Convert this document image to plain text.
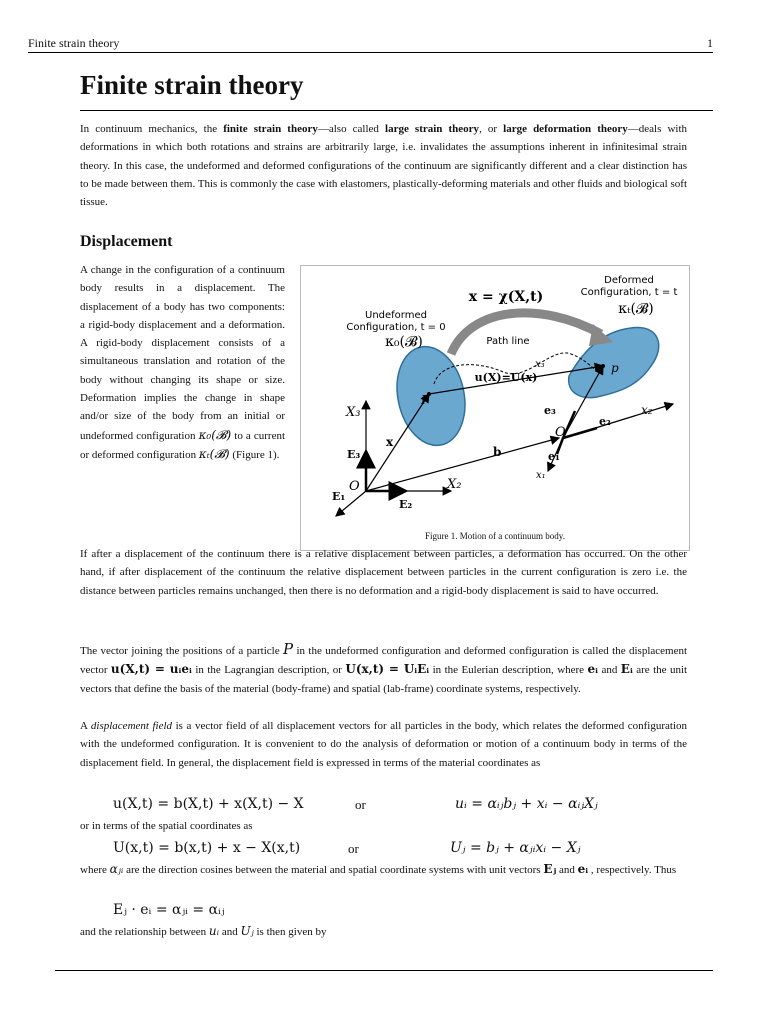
Finite strain theory	1
Finite strain theory

In continuum mechanics, the finite strain theory—also called large strain theory, or large deformation theory—deals with deformations in which both rotations and strains are arbitrarily large, i.e. invalidates the assumptions inherent in infinitesimal strain theory. In this case, the undeformed and deformed configurations of the continuum are significantly different and a clear distinction has to be made between them. This is commonly the case with elastomers, plastically-deforming materials and other fluids and biological soft tissue.

Displacement

A change in the configuration of a continuum body results in a displacement. The displacement of a body has two components: a rigid-body displacement and a deformation. A rigid-body displacement consists of a simultaneous translation and rotation of the body without changing its shape or size. Deformation implies the change in shape and/or size of the body from an initial or undeformed configuration κ₀(𝓑) to a current or deformed configuration κₜ(𝓑) (Figure 1).

Deformed
Configuration, t = t
κₜ(𝓑)
x = χ(X,t)
Undeformed
Configuration, t = 0
κ₀(𝓑)	Path line
u(X)=U(x)
P
p
X₃
E₃
E₁
E₂
X₂
O
x
b
O
x₃
e₃
e₂
x₂
e₁
x₁
Figure 1. Motion of a continuum body.

If after a displacement of the continuum there is a relative displacement between particles, a deformation has occurred. On the other hand, if after displacement of the continuum the relative displacement between particles in the current configuration is zero i.e. the distance between particles remains unchanged, then there is no deformation and a rigid-body displacement is said to have occurred.

The vector joining the positions of a particle P in the undeformed configuration and deformed configuration is called the displacement vector u(X,t) = uᵢeᵢ in the Lagrangian description, or U(x,t) = UᵢEᵢ in the Eulerian description, where eᵢ and Eᵢ are the unit vectors that define the basis of the material (body-frame) and spatial (lab-frame) coordinate systems, respectively.

A displacement field is a vector field of all displacement vectors for all particles in the body, which relates the deformed configuration with the undeformed configuration. It is convenient to do the analysis of deformation or motion of a continuum body in terms of the displacement field. In general, the displacement field is expressed in terms of the material coordinates as

u(X,t) = b(X,t) + x(X,t) − X	or	uᵢ = αᵢⱼbⱼ + xᵢ − αᵢⱼXⱼ

or in terms of the spatial coordinates as

U(x,t) = b(x,t) + x − X(x,t)	or	Uⱼ = bⱼ + αⱼᵢxᵢ − Xⱼ

where αⱼᵢ are the direction cosines between the material and spatial coordinate systems with unit vectors Eⱼ and eᵢ , respectively. Thus

Eⱼ · eᵢ = αⱼᵢ = αᵢⱼ

and the relationship between uᵢ and Uⱼ is then given by
